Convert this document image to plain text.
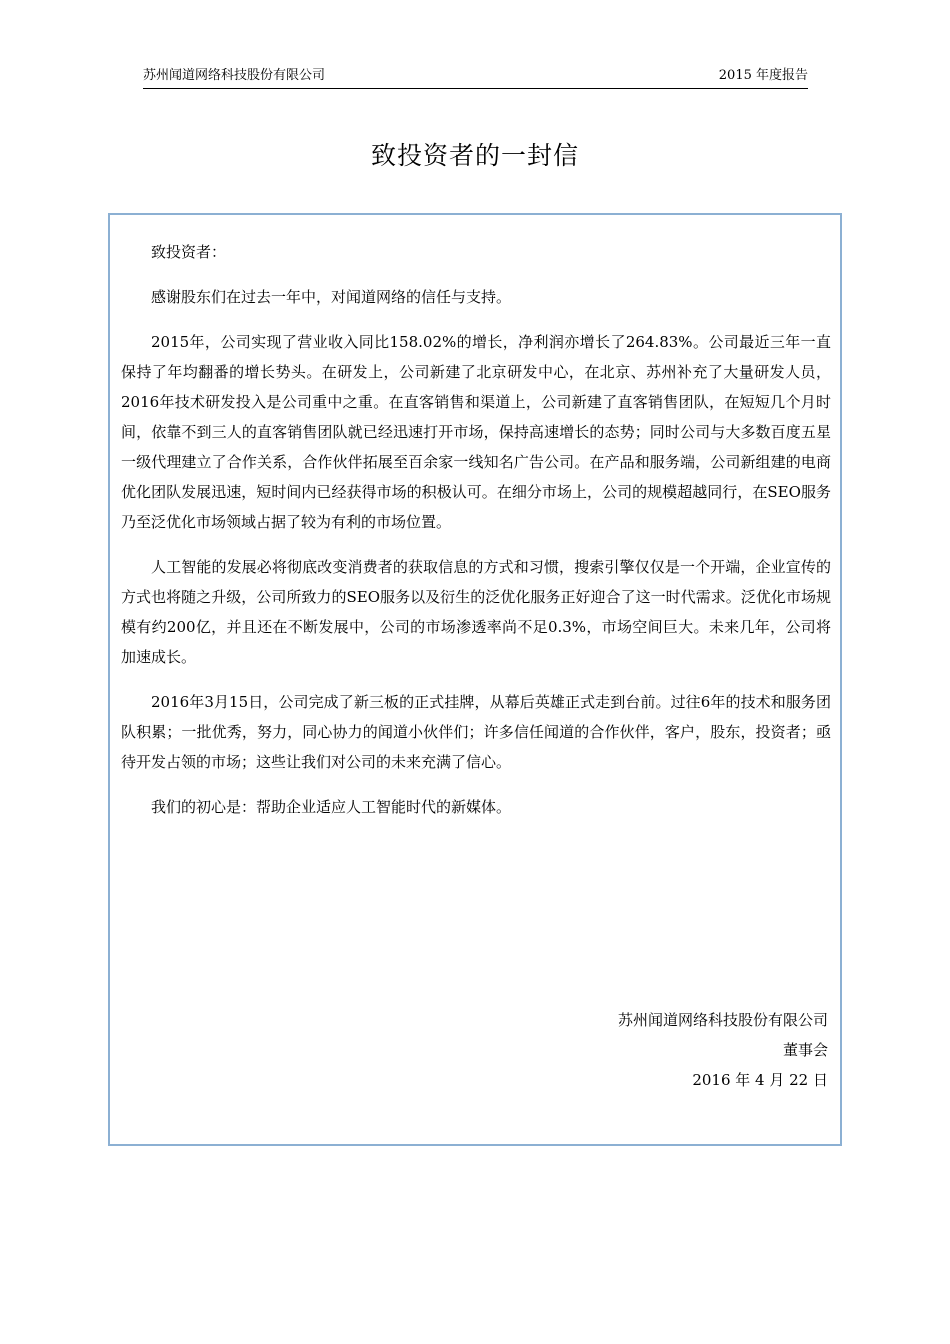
苏州闻道网络科技股份有限公司	2015 年度报告
致投资者的一封信

致投资者：

感谢股东们在过去一年中，对闻道网络的信任与支持。

2015年，公司实现了营业收入同比158.02%的增长，净利润亦增长了264.83%。公司最近三年一直保持了年均翻番的增长势头。在研发上，公司新建了北京研发中心，在北京、苏州补充了大量研发人员，2016年技术研发投入是公司重中之重。在直客销售和渠道上，公司新建了直客销售团队，在短短几个月时间，依靠不到三人的直客销售团队就已经迅速打开市场，保持高速增长的态势；同时公司与大多数百度五星一级代理建立了合作关系，合作伙伴拓展至百余家一线知名广告公司。在产品和服务端，公司新组建的电商优化团队发展迅速，短时间内已经获得市场的积极认可。在细分市场上，公司的规模超越同行，在SEO服务乃至泛优化市场领域占据了较为有利的市场位置。

人工智能的发展必将彻底改变消费者的获取信息的方式和习惯，搜索引擎仅仅是一个开端，企业宣传的方式也将随之升级，公司所致力的SEO服务以及衍生的泛优化服务正好迎合了这一时代需求。泛优化市场规模有约200亿，并且还在不断发展中，公司的市场渗透率尚不足0.3%，市场空间巨大。未来几年，公司将加速成长。

2016年3月15日，公司完成了新三板的正式挂牌，从幕后英雄正式走到台前。过往6年的技术和服务团队积累；一批优秀，努力，同心协力的闻道小伙伴们；许多信任闻道的合作伙伴，客户，股东，投资者；亟待开发占领的市场；这些让我们对公司的未来充满了信心。

我们的初心是：帮助企业适应人工智能时代的新媒体。

苏州闻道网络科技股份有限公司
董事会
2016 年 4 月 22 日
